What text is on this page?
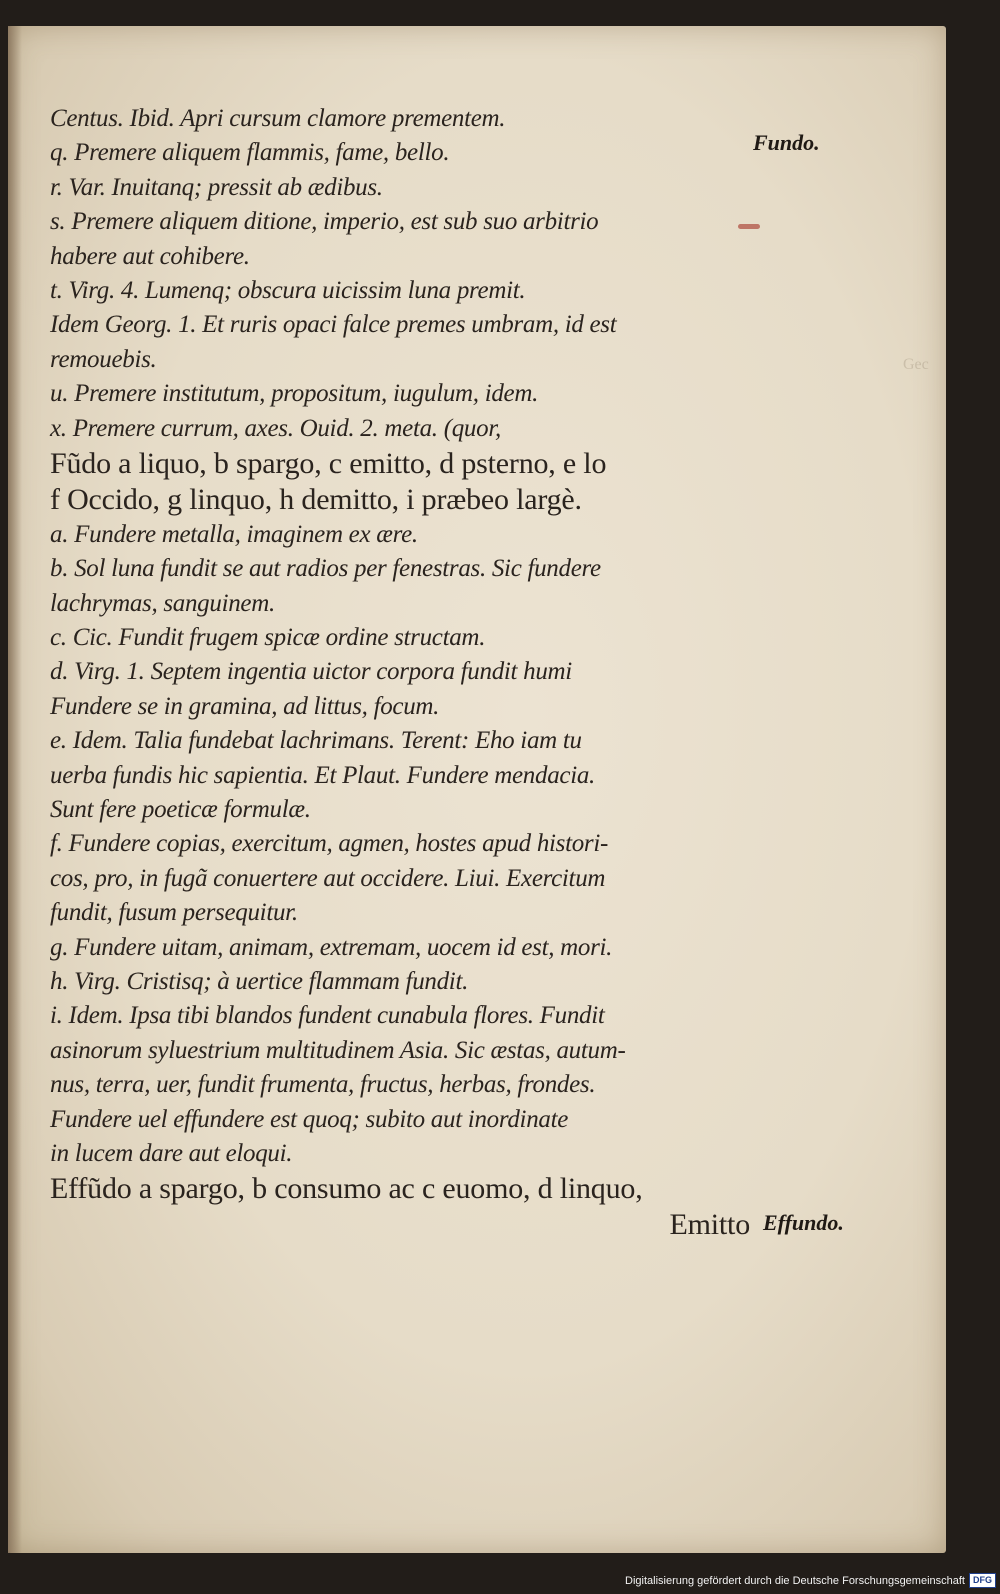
Gec
Fundo.
Effundo.
Centus. Ibid. Apri cursum clamore prementem.
q. Premere aliquem flammis, fame, bello.
r. Var. Inuitanq; pressit ab ædibus.
s. Premere aliquem ditione, imperio, est sub suo arbitrio
habere aut cohibere.
t. Virg. 4. Lumenq; obscura uicissim luna premit.
Idem Georg. 1. Et ruris opaci falce premes umbram, id est
remouebis.
u. Premere institutum, propositum, iugulum, idem.
x. Premere currum, axes. Ouid. 2. meta. (quor,
Fũdo a liquo, b spargo, c emitto, d psterno, e lo
f Occido, g linquo, h demitto, i præbeo largè.
a. Fundere metalla, imaginem ex ære.
b. Sol luna fundit se aut radios per fenestras. Sic fundere
lachrymas, sanguinem.
c. Cic. Fundit frugem spicæ ordine structam.
d. Virg. 1. Septem ingentia uictor corpora fundit humi
Fundere se in gramina, ad littus, focum.
e. Idem. Talia fundebat lachrimans. Terent: Eho iam tu
uerba fundis hic sapientia. Et Plaut. Fundere mendacia.
Sunt fere poeticæ formulæ.
f. Fundere copias, exercitum, agmen, hostes apud histori-
cos, pro, in fugã conuertere aut occidere. Liui. Exercitum
fundit, fusum persequitur.
g. Fundere uitam, animam, extremam, uocem id est, mori.
h. Virg. Cristisq; à uertice flammam fundit.
i. Idem. Ipsa tibi blandos fundent cunabula flores. Fundit
asinorum syluestrium multitudinem Asia. Sic æstas, autum-
nus, terra, uer, fundit frumenta, fructus, herbas, frondes.
Fundere uel effundere est quoq; subito aut inordinate
in lucem dare aut eloqui.
Effũdo a spargo, b consumo ac c euomo, d linquo,
Emitto
Digitalisierung gefördert durch die Deutsche Forschungsgemeinschaft DFG
